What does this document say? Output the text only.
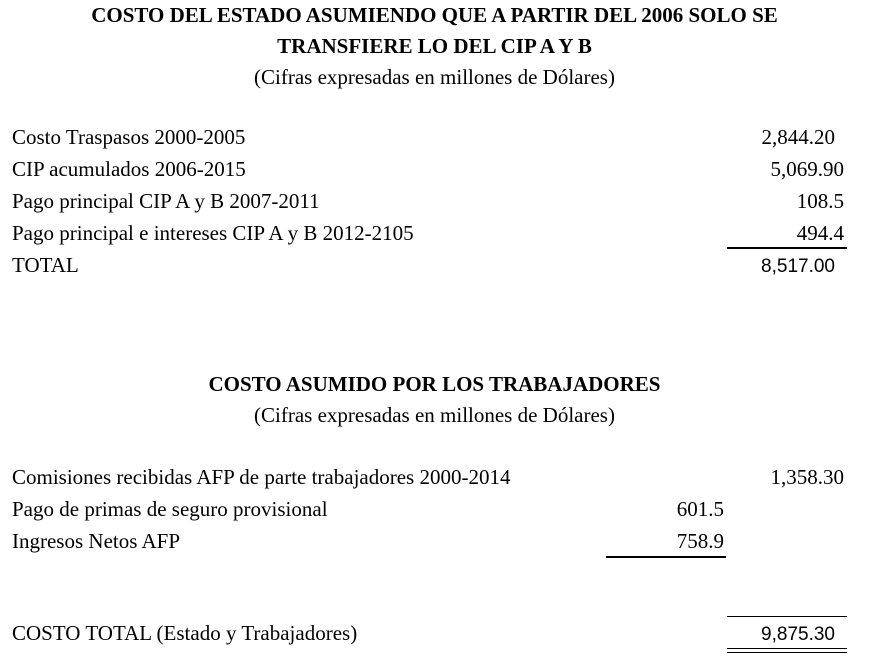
COSTO DEL ESTADO ASUMIENDO QUE A PARTIR DEL 2006 SOLO SE
TRANSFIERE LO DEL CIP A Y B
(Cifras expresadas en millones de Dólares)
Costo Traspasos 2000-2005	2,844.20
CIP acumulados 2006-2015	5,069.90
Pago principal CIP A y B 2007-2011	108.5
Pago principal e intereses CIP A y B 2012-2105	494.4
TOTAL	8,517.00
COSTO ASUMIDO POR LOS TRABAJADORES
(Cifras expresadas en millones de Dólares)
Comisiones recibidas AFP de parte trabajadores 2000-2014	1,358.30
Pago de primas de seguro provisional	601.5
Ingresos Netos AFP	758.9
COSTO TOTAL (Estado y Trabajadores)	9,875.30
